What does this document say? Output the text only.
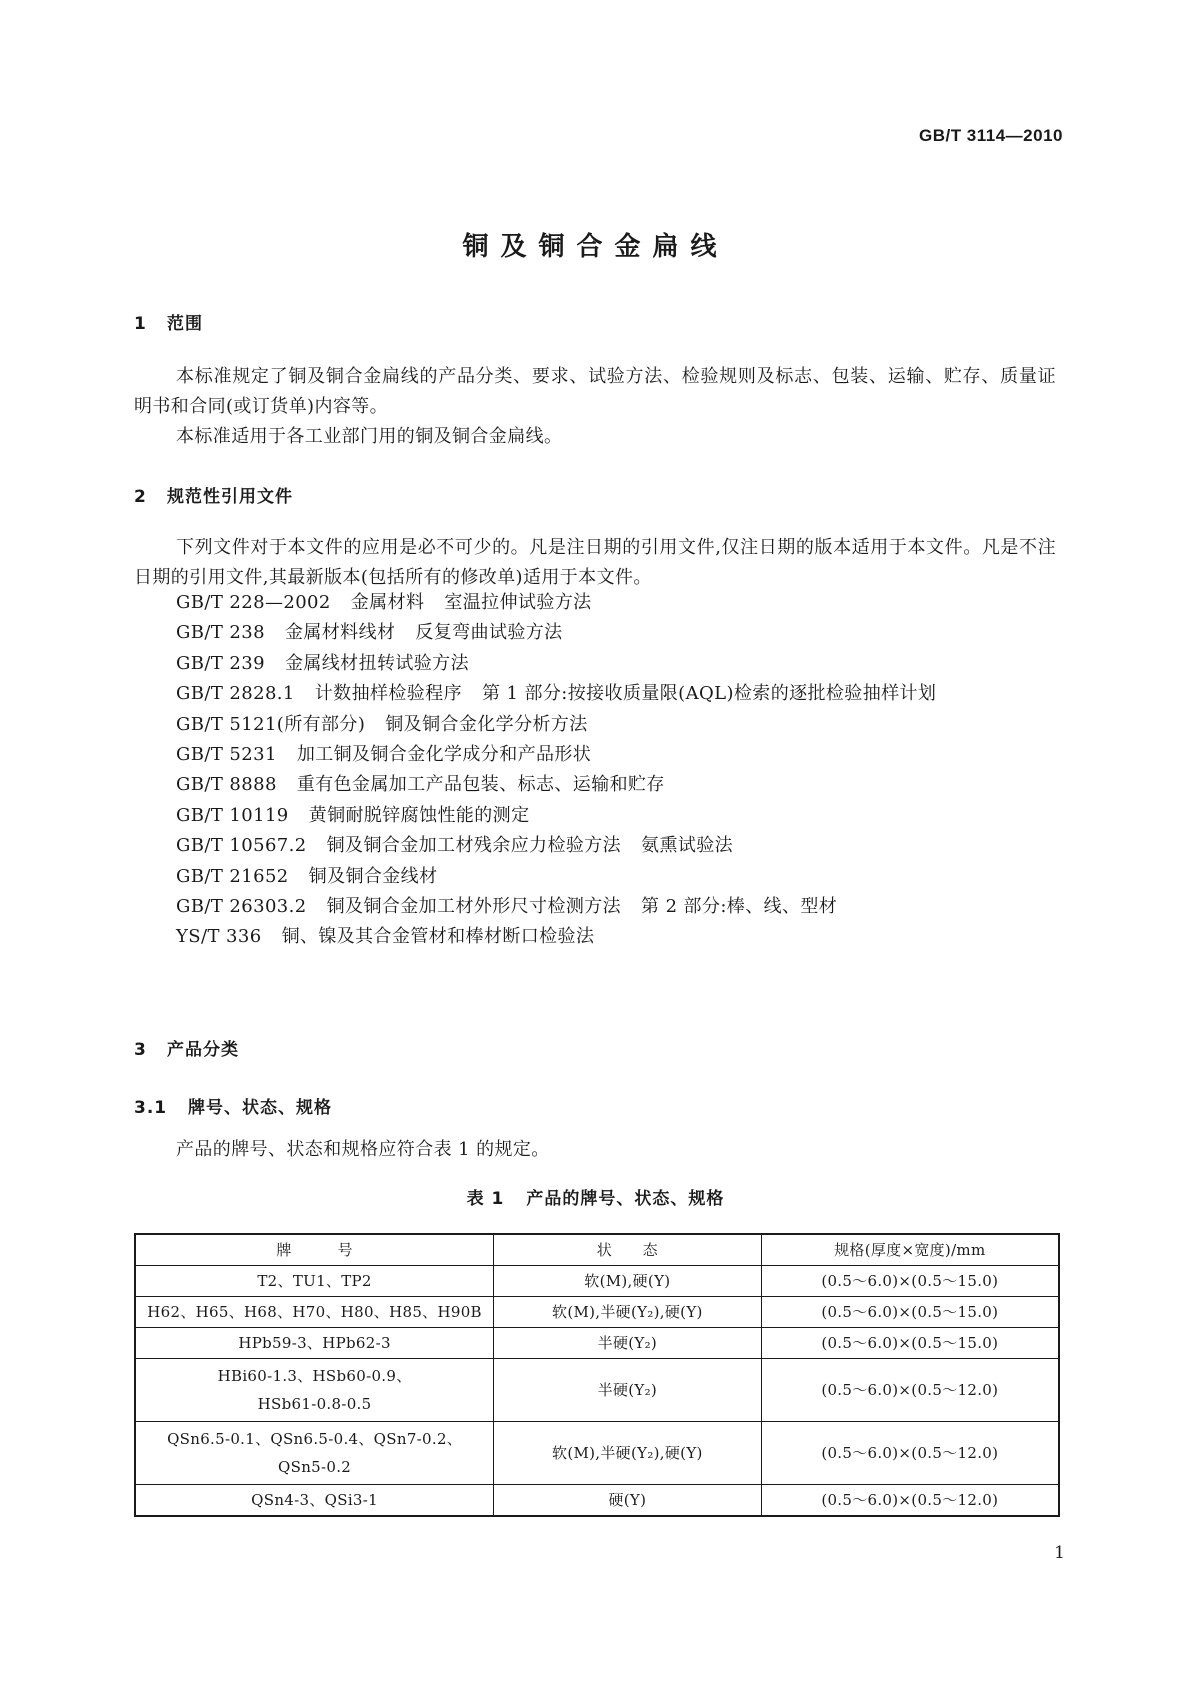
GB/T 3114—2010
铜及铜合金扁线
1 范围

本标准规定了铜及铜合金扁线的产品分类、要求、试验方法、检验规则及标志、包装、运输、贮存、质量证明书和合同(或订货单)内容等。

本标准适用于各工业部门用的铜及铜合金扁线。

2 规范性引用文件

下列文件对于本文件的应用是必不可少的。凡是注日期的引用文件,仅注日期的版本适用于本文件。凡是不注日期的引用文件,其最新版本(包括所有的修改单)适用于本文件。

GB/T 228—2002 金属材料 室温拉伸试验方法
GB/T 238 金属材料线材 反复弯曲试验方法
GB/T 239 金属线材扭转试验方法
GB/T 2828.1 计数抽样检验程序 第 1 部分:按接收质量限(AQL)检索的逐批检验抽样计划
GB/T 5121(所有部分) 铜及铜合金化学分析方法
GB/T 5231 加工铜及铜合金化学成分和产品形状
GB/T 8888 重有色金属加工产品包装、标志、运输和贮存
GB/T 10119 黄铜耐脱锌腐蚀性能的测定
GB/T 10567.2 铜及铜合金加工材残余应力检验方法 氨熏试验法
GB/T 21652 铜及铜合金线材
GB/T 26303.2 铜及铜合金加工材外形尺寸检测方法 第 2 部分:棒、线、型材
YS/T 336 铜、镍及其合金管材和棒材断口检验法
3 产品分类
3.1 牌号、状态、规格

产品的牌号、状态和规格应符合表 1 的规定。

表 1 产品的牌号、状态、规格
牌　　　号	状　　态	规格(厚度×宽度)/mm
T2、TU1、TP2	软(M),硬(Y)	(0.5～6.0)×(0.5～15.0)
H62、H65、H68、H70、H80、H85、H90B	软(M),半硬(Y₂),硬(Y)	(0.5～6.0)×(0.5～15.0)
HPb59-3、HPb62-3	半硬(Y₂)	(0.5～6.0)×(0.5～15.0)
HBi60-1.3、HSb60-0.9、
HSb61-0.8-0.5	半硬(Y₂)	(0.5～6.0)×(0.5～12.0)
QSn6.5-0.1、QSn6.5-0.4、QSn7-0.2、
QSn5-0.2	软(M),半硬(Y₂),硬(Y)	(0.5～6.0)×(0.5～12.0)
QSn4-3、QSi3-1	硬(Y)	(0.5～6.0)×(0.5～12.0)
1
